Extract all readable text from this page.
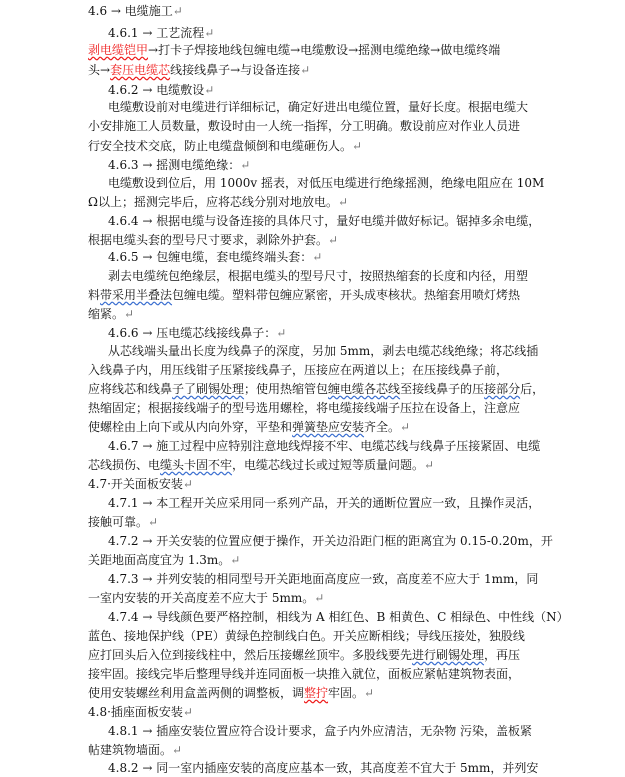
4.6 → 电缆施工↵
4.6.1 → 工艺流程↵
剥电缆铠甲→打卡子焊接地线包缠电缆→电缆敷设→摇测电缆绝缘→做电缆终端
头→套压电缆芯线接线鼻子→与设备连接↵
4.6.2 → 电缆敷设↵
电缆敷设前对电缆进行详细标记，确定好进出电缆位置，量好长度。根据电缆大
小安排施工人员数量，敷设时由一人统一指挥，分工明确。敷设前应对作业人员进
行安全技术交底，防止电缆盘倾倒和电缆砸伤人。↵
4.6.3 → 摇测电缆绝缘：↵
电缆敷设到位后，用 1000v 摇表，对低压电缆进行绝缘摇测，绝缘电阻应在 10M
Ω以上；摇测完毕后，应将芯线分别对地放电。↵
4.6.4 → 根据电缆与设备连接的具体尺寸，量好电缆并做好标记。锯掉多余电缆，
根据电缆头套的型号尺寸要求，剥除外护套。↵
4.6.5 → 包缠电缆，套电缆终端头套：↵
剥去电缆统包绝缘层，根据电缆头的型号尺寸，按照热缩套的长度和内径，用塑
料带采用半叠法包缠电缆。塑料带包缠应紧密，开头成枣核状。热缩套用喷灯烤热
缩紧。↵
4.6.6 → 压电缆芯线接线鼻子：↵
从芯线端头量出长度为线鼻子的深度，另加 5mm，剥去电缆芯线绝缘；将芯线插
入线鼻子内，用压线钳子压紧接线鼻子，压接应在两道以上；在压接线鼻子前，
应将线芯和线鼻子了刷锡处理；使用热缩管包缠电缆各芯线至接线鼻子的压接部分后，
热缩固定；根据接线端子的型号选用螺栓，将电缆接线端子压拉在设备上，注意应
使螺栓由上向下或从内向外穿，平垫和弹簧垫应安装齐全。↵
4.6.7 → 施工过程中应特别注意地线焊接不牢、电缆芯线与线鼻子压接紧固、电缆
芯线损伤、电缆头卡固不牢，电缆芯线过长或过短等质量问题。↵
4.7·开关面板安装↵
4.7.1 → 本工程开关应采用同一系列产品，开关的通断位置应一致，且操作灵活，
接触可靠。↵
4.7.2 → 开关安装的位置应便于操作，开关边沿距门框的距离宜为 0.15-0.20m，开
关距地面高度宜为 1.3m。↵
4.7.3 → 并列安装的相同型号开关距地面高度应一致，高度差不应大于 1mm，同
一室内安装的开关高度差不应大于 5mm。↵
4.7.4 → 导线颜色要严格控制，相线为 A 相红色、B 相黄色、C 相绿色、中性线（N）
蓝色、接地保护线（PE）黄绿色控制线白色。开关应断相线；导线压接处，独股线
应打回头后入位到接线柱中，然后压接螺丝顶牢。多股线要先进行刷锡处理，再压
接牢固。接线完毕后整理导线并连同面板一块推入就位，面板应紧帖建筑物表面，
使用安装螺丝利用盒盖两侧的调整板，调整拧牢固。↵
4.8·插座面板安装↵
4.8.1 → 插座安装位置应符合设计要求，盒子内外应清洁，无杂物 污染，盖板紧
帖建筑物墙面。↵
4.8.2 → 同一室内插座安装的高度应基本一致，其高度差不宜大于 5mm，并列安
